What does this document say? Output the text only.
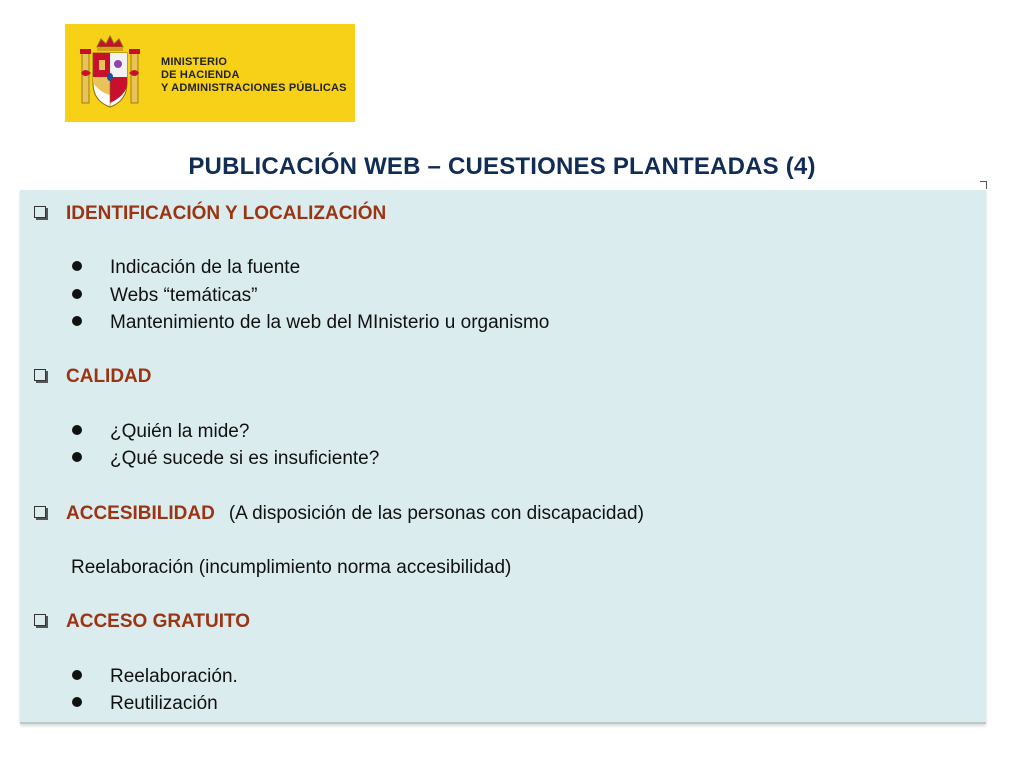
MINISTERIO
DE HACIENDA
Y ADMINISTRACIONES PÚBLICAS
PUBLICACIÓN WEB – CUESTIONES PLANTEADAS (4)
IDENTIFICACIÓN Y LOCALIZACIÓN
Indicación de la fuente
Webs “temáticas”
Mantenimiento de la web del MInisterio u organismo
CALIDAD
¿Quién la mide?
¿Qué sucede si es insuficiente?
ACCESIBILIDAD (A disposición de las personas con discapacidad)
Reelaboración (incumplimiento norma accesibilidad)
ACCESO GRATUITO
Reelaboración.
Reutilización
